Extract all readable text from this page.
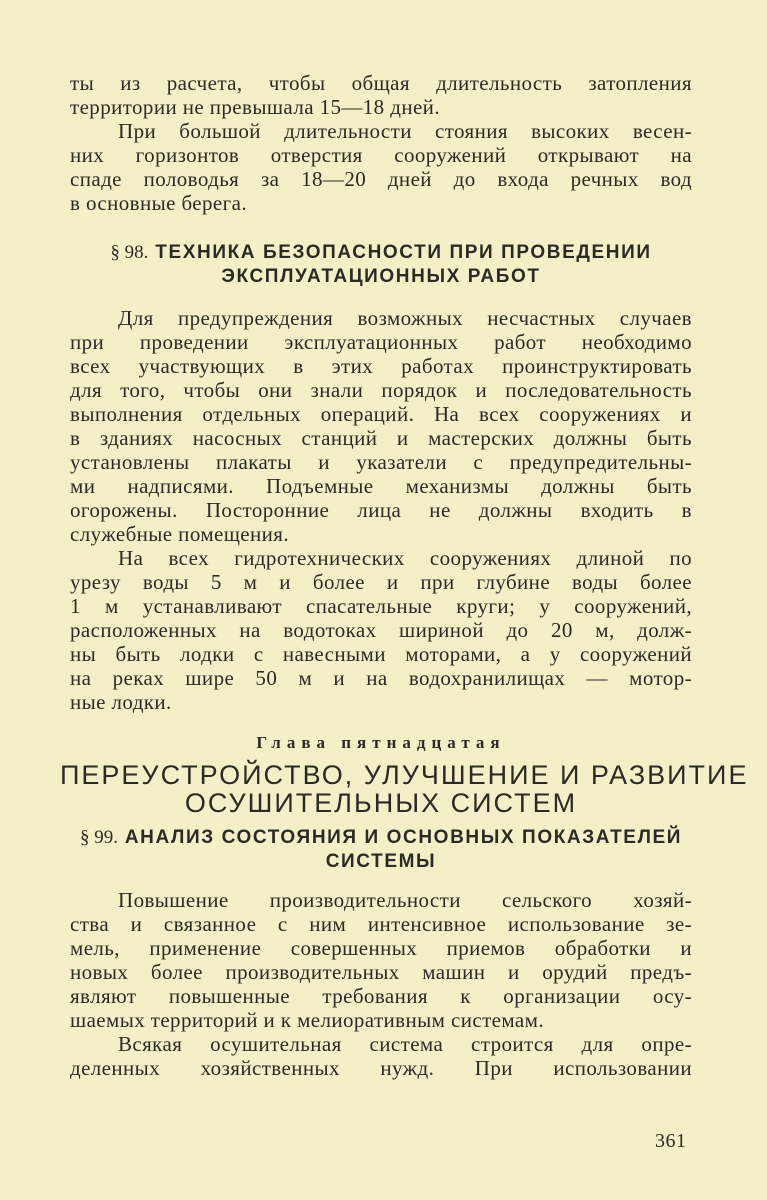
ты из расчета, чтобы общая длительность затопления
территории не превышала 15—18 дней.
При большой длительности стояния высоких весен-
них горизонтов отверстия сооружений открывают на
спаде половодья за 18—20 дней до входа речных вод
в основные берега.
§ 98. ТЕХНИКА БЕЗОПАСНОСТИ ПРИ ПРОВЕДЕНИИ
ЭКСПЛУАТАЦИОННЫХ РАБОТ
Для предупреждения возможных несчастных случаев
при проведении эксплуатационных работ необходимо
всех участвующих в этих работах проинструктировать
для того, чтобы они знали порядок и последовательность
выполнения отдельных операций. На всех сооружениях и
в зданиях насосных станций и мастерских должны быть
установлены плакаты и указатели с предупредительны-
ми надписями. Подъемные механизмы должны быть
огорожены. Посторонние лица не должны входить в
служебные помещения.
На всех гидротехнических сооружениях длиной по
урезу воды 5 м и более и при глубине воды более
1 м устанавливают спасательные круги; у сооружений,
расположенных на водотоках шириной до 20 м, долж-
ны быть лодки с навесными моторами, а у сооружений
на реках шире 50 м и на водохранилищах — мотор-
ные лодки.
Глава пятнадцатая
ПЕРЕУСТРОЙСТВО, УЛУЧШЕНИЕ И РАЗВИТИЕ
ОСУШИТЕЛЬНЫХ СИСТЕМ
§ 99. АНАЛИЗ СОСТОЯНИЯ И ОСНОВНЫХ ПОКАЗАТЕЛЕЙ
СИСТЕМЫ
Повышение производительности сельского хозяй-
ства и связанное с ним интенсивное использование зе-
мель, применение совершенных приемов обработки и
новых более производительных машин и орудий предъ-
являют повышенные требования к организации осу-
шаемых территорий и к мелиоративным системам.
Всякая осушительная система строится для опре-
деленных хозяйственных нужд. При использовании
361
